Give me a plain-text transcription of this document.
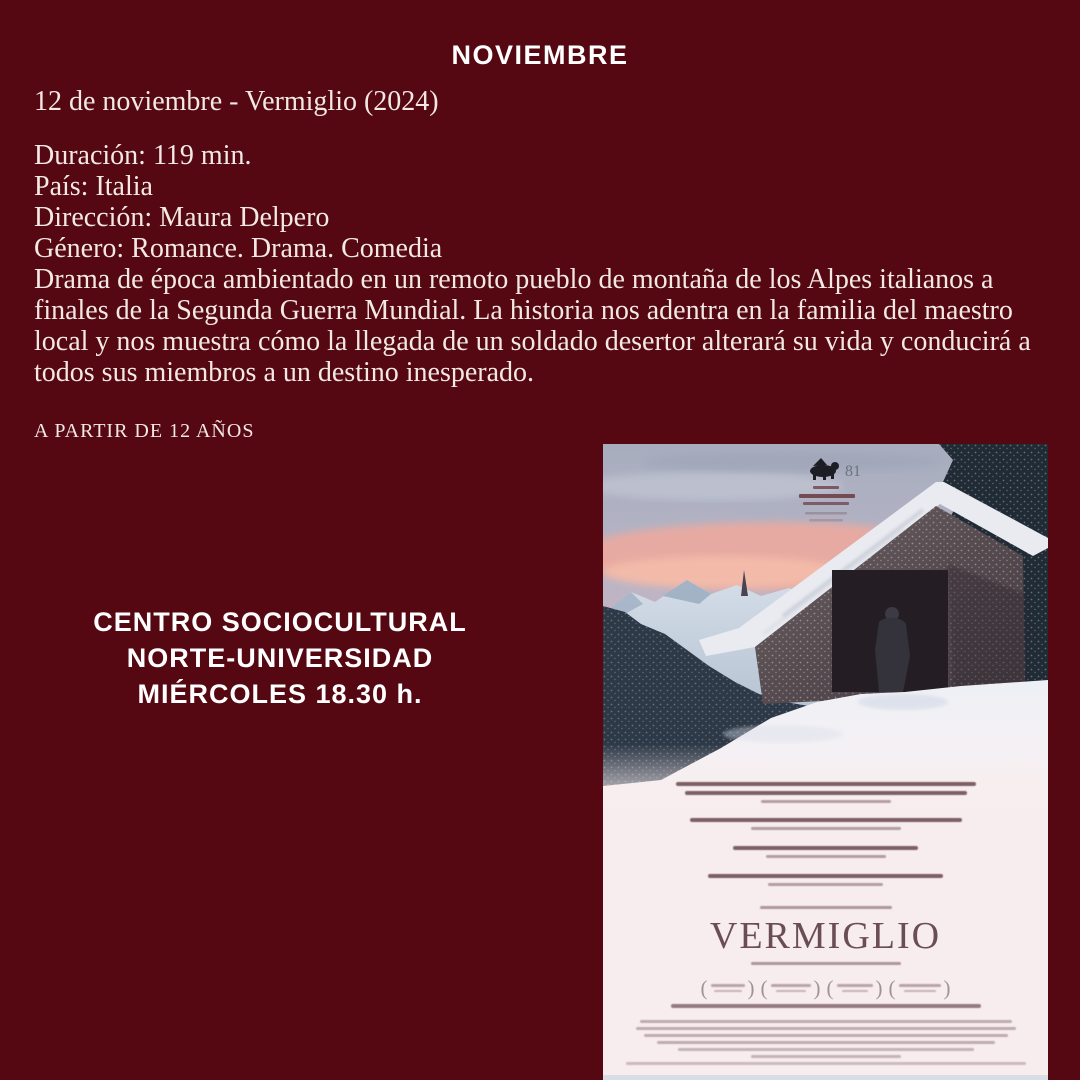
NOVIEMBRE
12 de noviembre - Vermiglio (2024)

Duración: 119 min.

País: Italia

Dirección: Maura Delpero

Género: Romance. Drama. Comedia

Drama de época ambientado en un remoto pueblo de montaña de los Alpes italianos a finales de la Segunda Guerra Mundial. La historia nos adentra en la familia del maestro local y nos muestra cómo la llegada de un soldado desertor alterará su vida y conducirá a todos sus miembros a un destino inesperado.

A PARTIR DE 12 AÑOS
CENTRO SOCIOCULTURAL
NORTE-UNIVERSIDAD
MIÉRCOLES 18.30 h.
81
VERMIGLIO
( ) ( ) ( ) ( )
